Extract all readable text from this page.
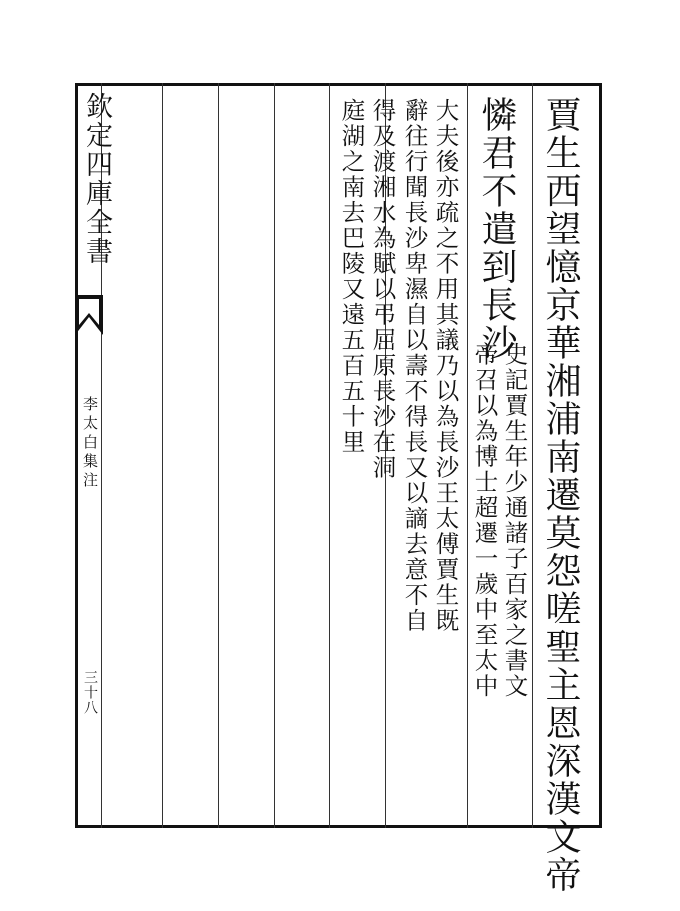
欽定四庫全書
李太白集注
三十八	賈生西望憶京華湘浦南遷莫怨嗟聖主恩深漢文帝
憐君不遣到長沙
史記賈生年少通諸子百家之書文
帝召以為博士超遷一歲中至太中
大夫後亦疏之不用其議乃以為長沙王太傅賈生既
辭往行聞長沙卑濕自以壽不得長又以謫去意不自
得及渡湘水為賦以弔屈原長沙在洞
庭湖之南去巴陵又遠五百五十里
